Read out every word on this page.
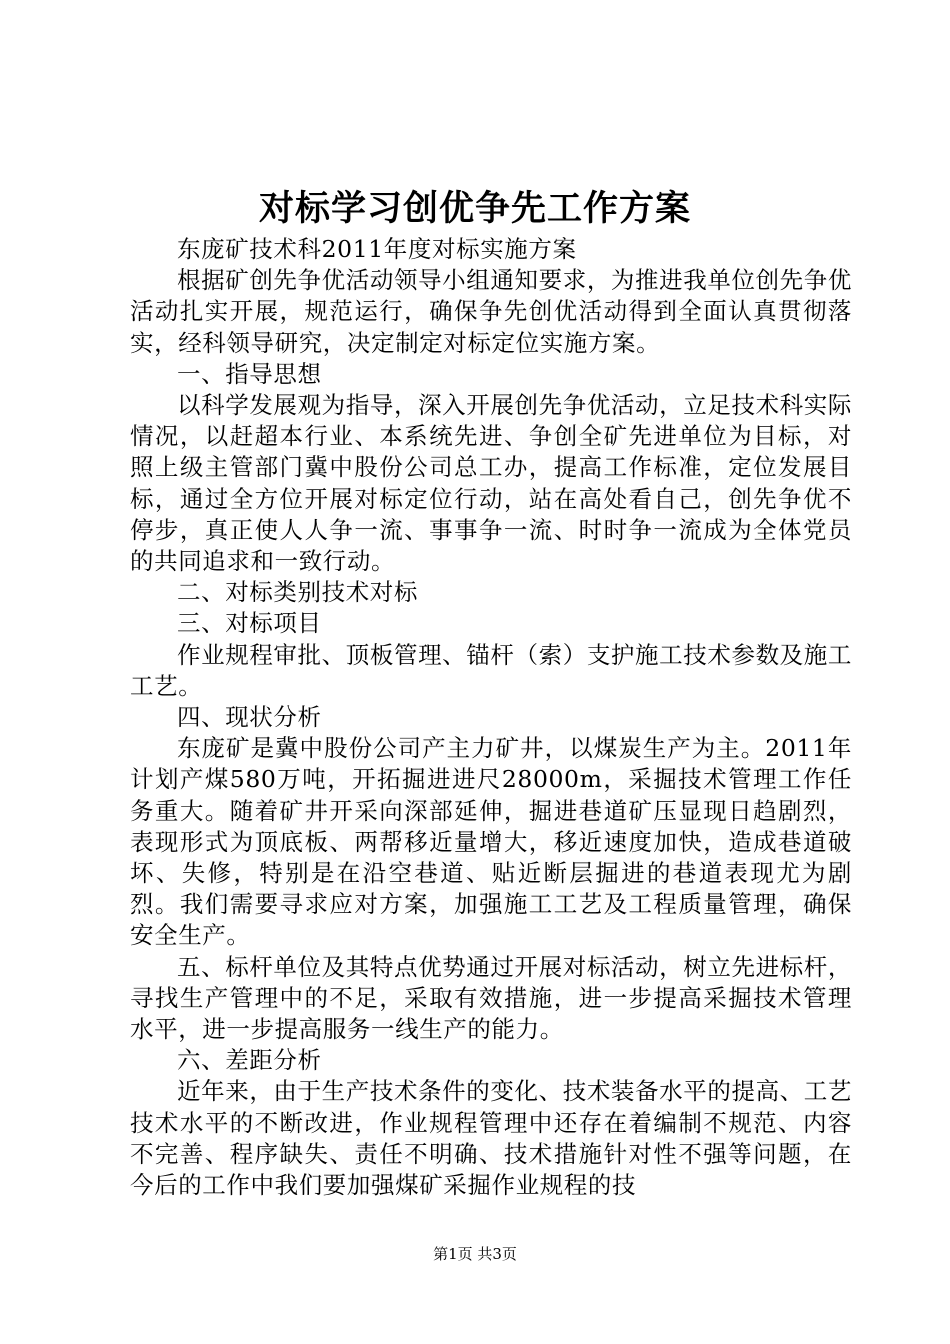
对标学习创优争先工作方案

东庞矿技术科2011年度对标实施方案

根据矿创先争优活动领导小组通知要求，为推进我单位创先争优活动扎实开展，规范运行，确保争先创优活动得到全面认真贯彻落实，经科领导研究，决定制定对标定位实施方案。

一、指导思想

以科学发展观为指导，深入开展创先争优活动，立足技术科实际情况，以赶超本行业、本系统先进、争创全矿先进单位为目标，对照上级主管部门冀中股份公司总工办，提高工作标准，定位发展目标，通过全方位开展对标定位行动，站在高处看自己，创先争优不停步，真正使人人争一流、事事争一流、时时争一流成为全体党员的共同追求和一致行动。

二、对标类别技术对标

三、对标项目

作业规程审批、顶板管理、锚杆（索）支护施工技术参数及施工工艺。

四、现状分析

东庞矿是冀中股份公司产主力矿井，以煤炭生产为主。2011年计划产煤580万吨，开拓掘进进尺28000m，采掘技术管理工作任务重大。随着矿井开采向深部延伸，掘进巷道矿压显现日趋剧烈，表现形式为顶底板、两帮移近量增大，移近速度加快，造成巷道破坏、失修，特别是在沿空巷道、贴近断层掘进的巷道表现尤为剧烈。我们需要寻求应对方案，加强施工工艺及工程质量管理，确保安全生产。

五、标杆单位及其特点优势通过开展对标活动，树立先进标杆，寻找生产管理中的不足，采取有效措施，进一步提高采掘技术管理水平，进一步提高服务一线生产的能力。

六、差距分析

近年来，由于生产技术条件的变化、技术装备水平的提高、工艺技术水平的不断改进，作业规程管理中还存在着编制不规范、内容不完善、程序缺失、责任不明确、技术措施针对性不强等问题，在今后的工作中我们要加强煤矿采掘作业规程的技

第1页 共3页
